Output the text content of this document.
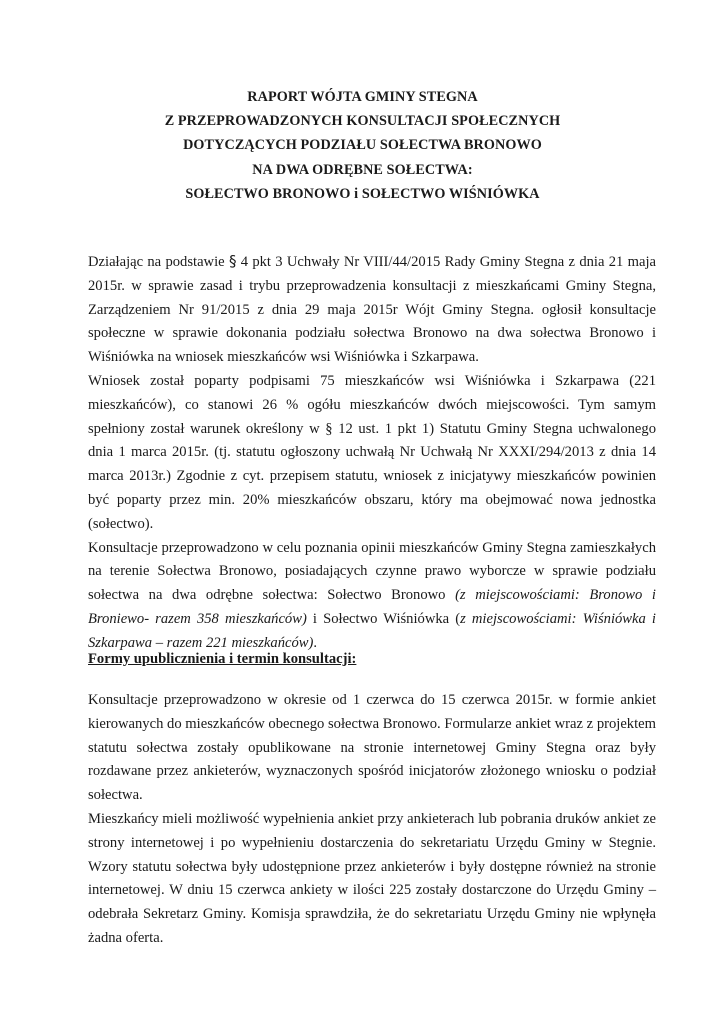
RAPORT WÓJTA GMINY STEGNA
Z PRZEPROWADZONYCH KONSULTACJI SPOŁECZNYCH
DOTYCZĄCYCH PODZIAŁU SOŁECTWA BRONOWO
NA DWA ODRĘBNE SOŁECTWA:
SOŁECTWO BRONOWO i SOŁECTWO WIŚNIÓWKA

Działając na podstawie § 4 pkt 3 Uchwały Nr VIII/44/2015 Rady Gminy Stegna z dnia 21 maja 2015r. w sprawie zasad i trybu przeprowadzenia konsultacji z mieszkańcami Gminy Stegna, Zarządzeniem Nr 91/2015 z dnia 29 maja 2015r Wójt Gminy Stegna. ogłosił konsultacje społeczne w sprawie dokonania podziału sołectwa Bronowo na dwa sołectwa Bronowo i Wiśniówka na wniosek mieszkańców wsi Wiśniówka i Szkarpawa.

Wniosek został poparty podpisami 75 mieszkańców wsi Wiśniówka i Szkarpawa (221 mieszkańców), co stanowi 26 % ogółu mieszkańców dwóch miejscowości. Tym samym spełniony został warunek określony w § 12 ust. 1 pkt 1) Statutu Gminy Stegna uchwalonego dnia 1 marca 2015r. (tj. statutu ogłoszony uchwałą Nr Uchwałą Nr XXXI/294/2013 z dnia 14 marca 2013r.) Zgodnie z cyt. przepisem statutu, wniosek z inicjatywy mieszkańców powinien być poparty przez min. 20% mieszkańców obszaru, który ma obejmować nowa jednostka (sołectwo).

Konsultacje przeprowadzono w celu poznania opinii mieszkańców Gminy Stegna zamieszkałych na terenie Sołectwa Bronowo, posiadających czynne prawo wyborcze w sprawie podziału sołectwa na dwa odrębne sołectwa: Sołectwo Bronowo (z miejscowościami: Bronowo i Broniewo- razem 358 mieszkańców) i Sołectwo Wiśniówka (z miejscowościami: Wiśniówka i Szkarpawa – razem 221 mieszkańców).

Formy upublicznienia i termin konsultacji:

Konsultacje przeprowadzono w okresie od 1 czerwca do 15 czerwca 2015r. w formie ankiet kierowanych do mieszkańców obecnego sołectwa Bronowo. Formularze ankiet wraz z projektem statutu sołectwa zostały opublikowane na stronie internetowej Gminy Stegna oraz były rozdawane przez ankieterów, wyznaczonych spośród inicjatorów złożonego wniosku o podział sołectwa.

Mieszkańcy mieli możliwość wypełnienia ankiet przy ankieterach lub pobrania druków ankiet ze strony internetowej i po wypełnieniu dostarczenia do sekretariatu Urzędu Gminy w Stegnie. Wzory statutu sołectwa były udostępnione przez ankieterów i były dostępne również na stronie internetowej. W dniu 15 czerwca ankiety w ilości 225 zostały dostarczone do Urzędu Gminy – odebrała Sekretarz Gminy. Komisja sprawdziła, że do sekretariatu Urzędu Gminy nie wpłynęła żadna oferta.
